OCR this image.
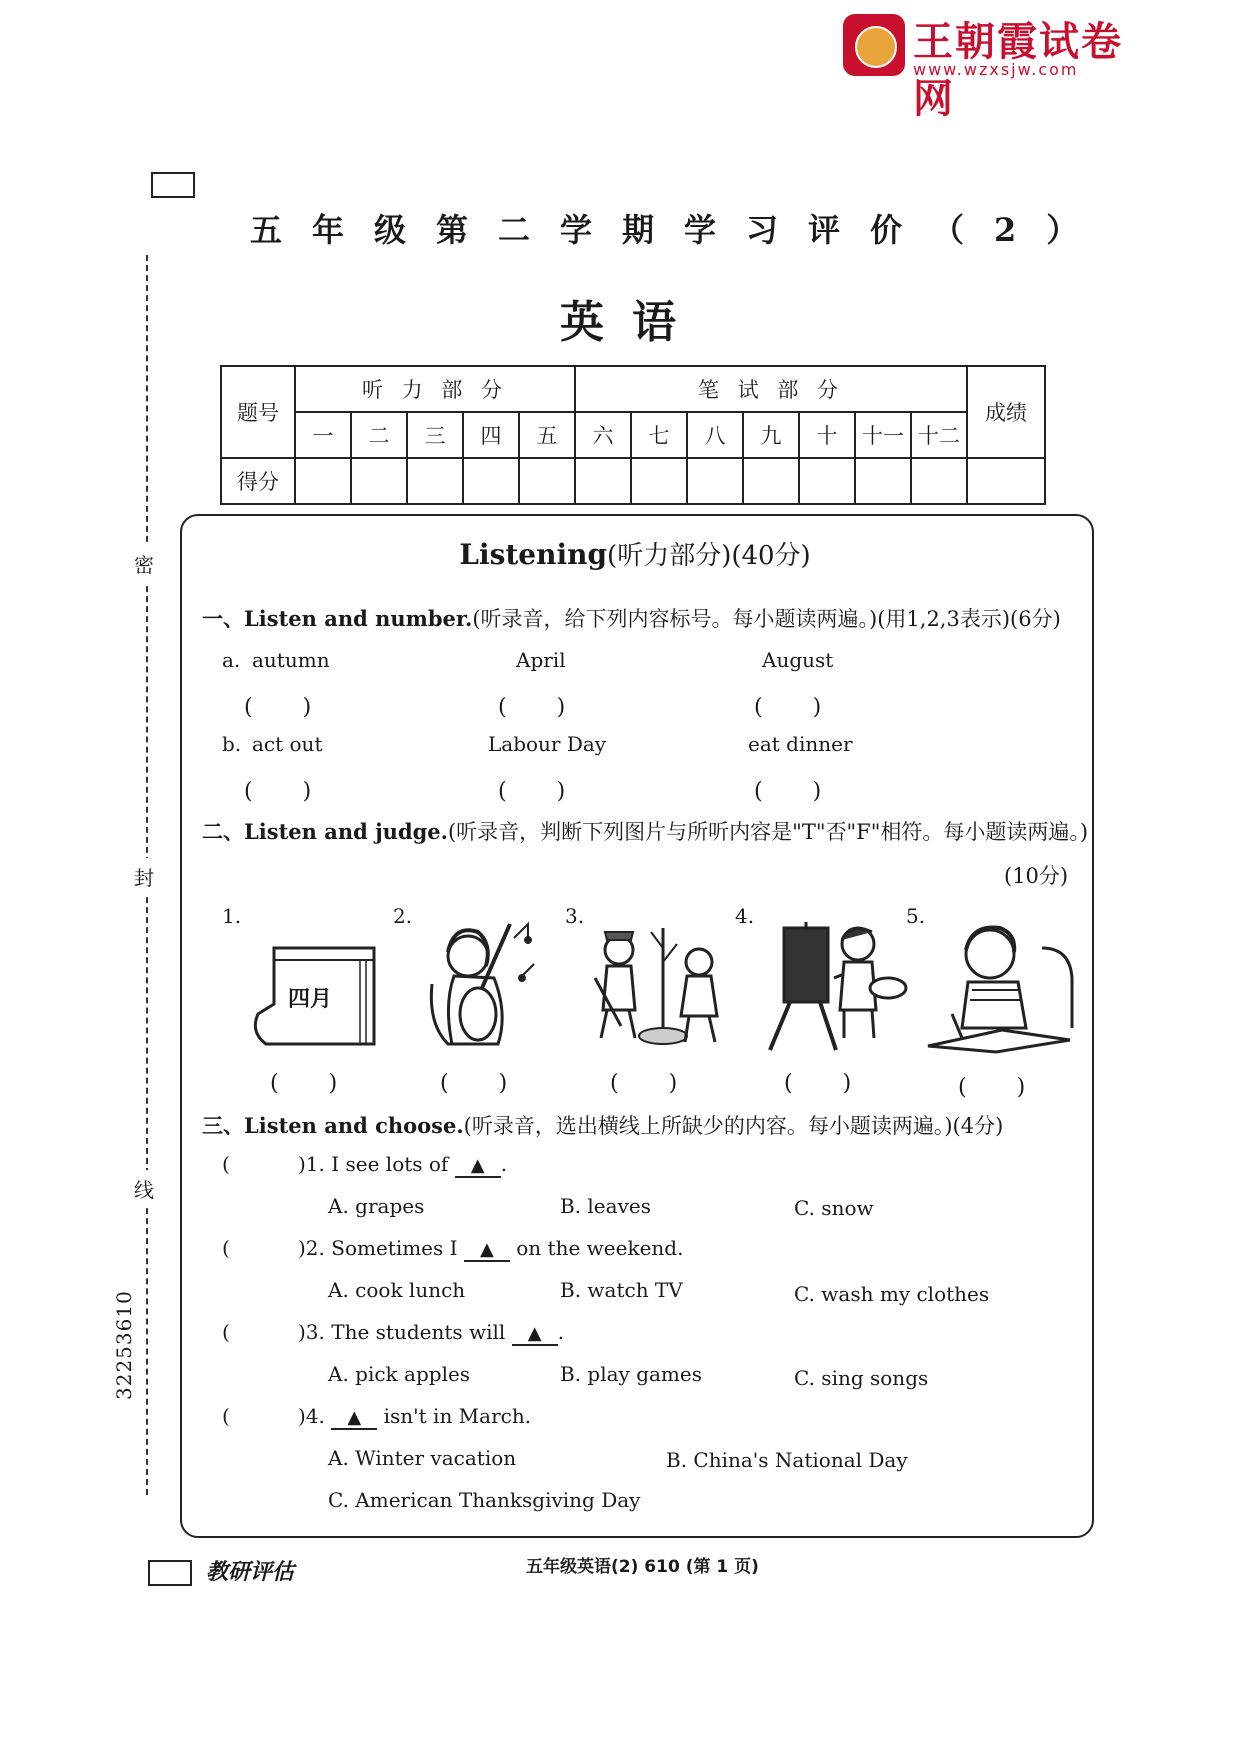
王朝霞试卷网
www.wzxsjw.com
五年级第二学期学习评价（2）
英语
题号	听 力 部 分					笔 试 部 分							成绩
	一	二	三	四	五	六	七	八	九	十	十一	十二	
得分													
密
封
线
32253610
Listening(听力部分)(40分)
一、Listen and number.(听录音，给下列内容标号。每小题读两遍。)(用1,2,3表示)(6分)
a. autumn	April	August
(　　)	(　　)	(　　)
b. act out	Labour Day	eat dinner
(　　)	(　　)	(　　)
二、Listen and judge.(听录音，判断下列图片与所听内容是"T"否"F"相符。每小题读两遍。)
(10分)
1.	2.	3.	4.	5.
四月
(　　)	(　　)	(　　)	(　　)	(　　)
三、Listen and choose.(听录音，选出横线上所缺少的内容。每小题读两遍。)(4分)
(	)1. I see lots of ▲ .
A. grapes	B. leaves	C. snow
(	)2. Sometimes I ▲ on the weekend.
A. cook lunch	B. watch TV	C. wash my clothes
(	)3. The students will ▲ .
A. pick apples	B. play games	C. sing songs
(	)4. ▲ isn't in March.
A. Winter vacation	B. China's National Day
C. American Thanksgiving Day
教研评估	五年级英语(2) 610 (第 1 页)
